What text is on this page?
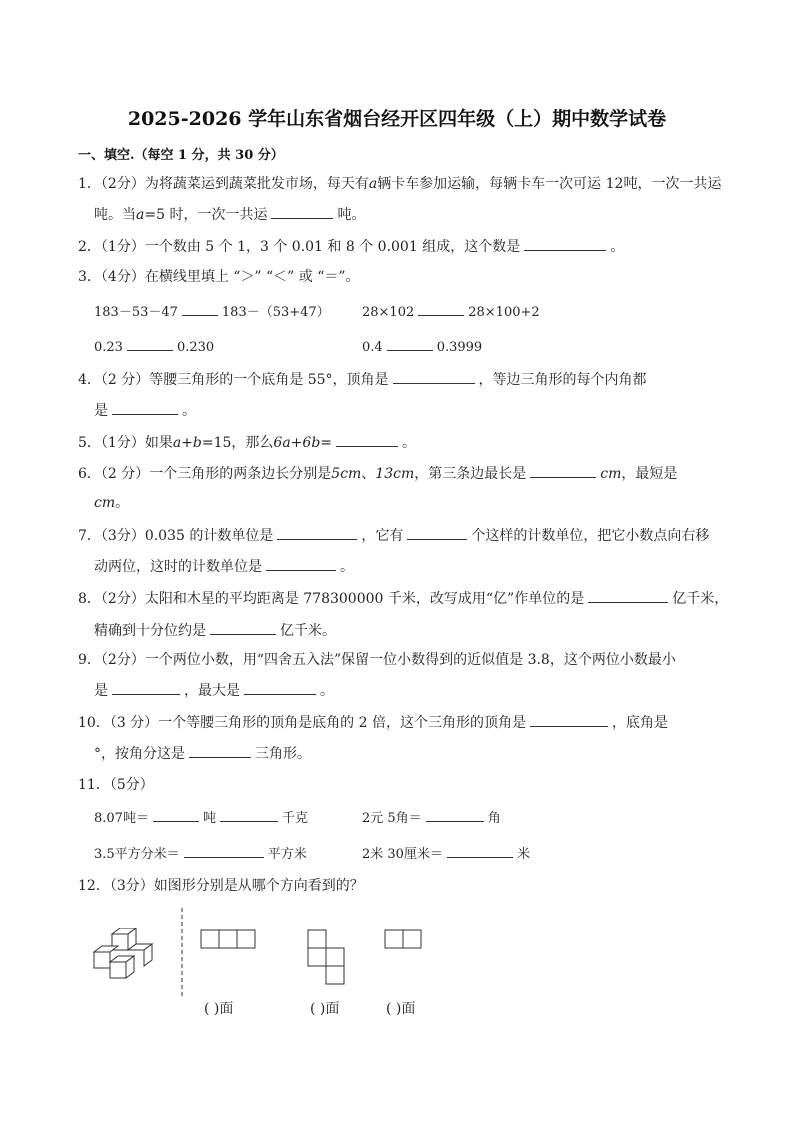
2025-2026 学年山东省烟台经开区四年级（上）期中数学试卷
一、填空.（每空 1 分，共 30 分）
1．（2分）为将蔬菜运到蔬菜批发市场，每天有a辆卡车参加运输，每辆卡车一次可运 12吨，一次一共运
吨。当a=5 时，一次一共运	吨。
2．（1分）一个数由 5 个 1，3 个 0.01 和 8 个 0.001 组成，这个数是	。
3．（4分）在横线里填上 “＞” “＜” 或 “＝”。
183－53－47	183－（53+47） 28×102	28×100+2
0.23	0.230	0.4	0.3999
4．（2 分）等腰三角形的一个底角是 55°，顶角是	，等边三角形的每个内角都
是	。
5．（1分）如果a+b=15，那么6a+6b=	。
6．（2 分）一个三角形的两条边长分别是5cm、13cm，第三条边最长是	cm，最短是
cm。
7．（3分）0.035 的计数单位是	，它有	个这样的计数单位，把它小数点向右移
动两位，这时的计数单位是	。
8．（2分）太阳和木星的平均距离是 778300000 千米，改写成用“亿”作单位的是	亿千米，
精确到十分位约是	亿千米。
9．（2分）一个两位小数，用“四舍五入法”保留一位小数得到的近似值是 3.8，这个两位小数最小
是	，最大是	。
10．（3 分）一个等腰三角形的顶角是底角的 2 倍，这个三角形的顶角是	，底角是
°，按角分这是	三角形。
11．（5分）
8.07吨＝	吨	千克	2元 5角＝	角
3.5平方分米＝	平方米	2米 30厘米＝	米
12．（3分）如图形分别是从哪个方向看到的？
( )面	( )面	( )面
